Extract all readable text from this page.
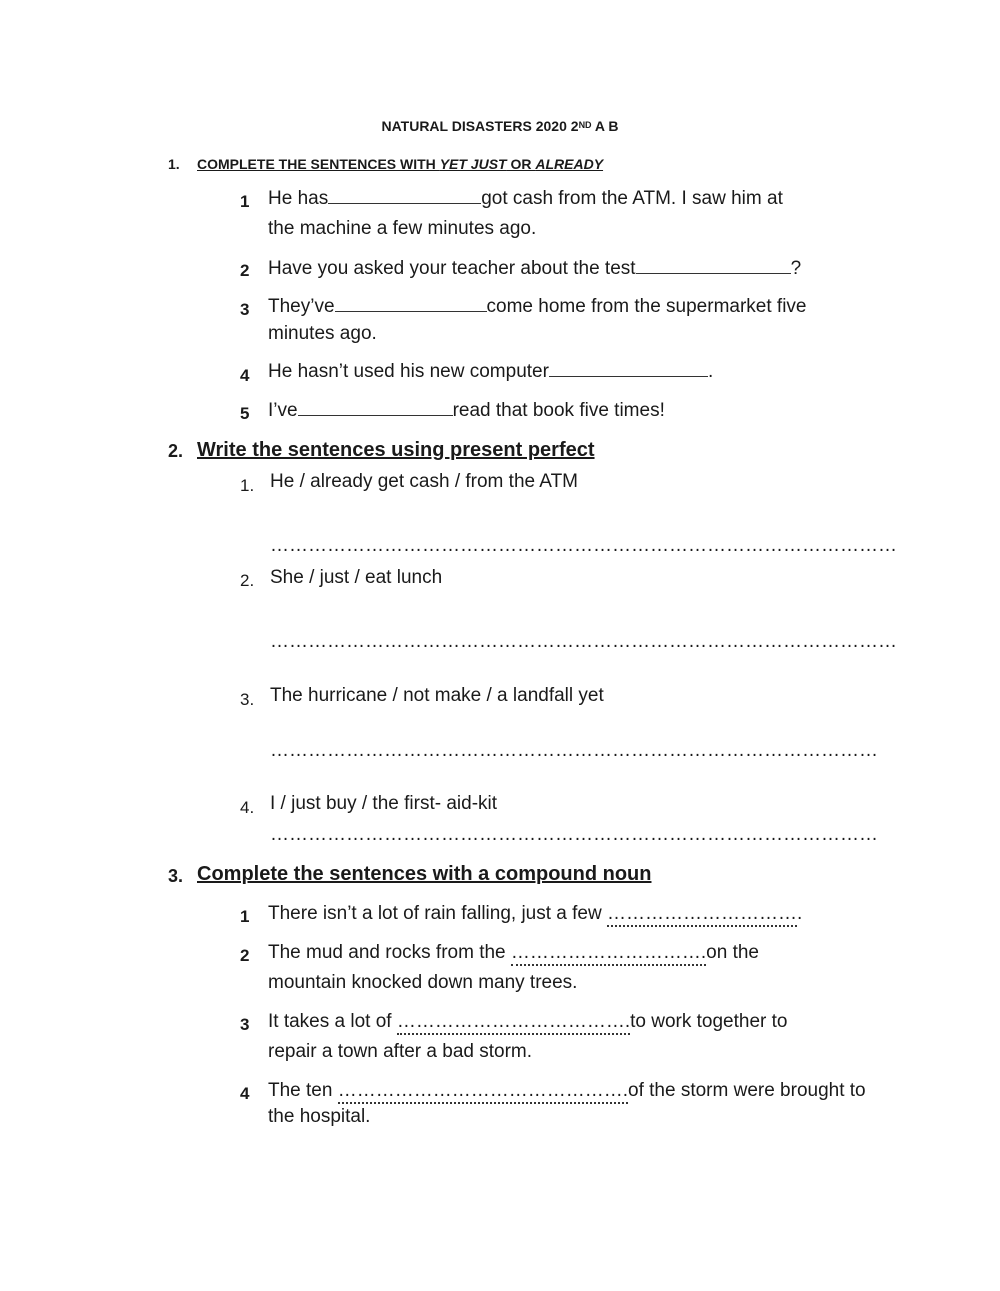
NATURAL DISASTERS 2020 2ND A B
1. COMPLETE THE SENTENCES WITH YET JUST OR ALREADY
1 He has	got cash from the ATM. I saw him at
the machine a few minutes ago.
2 Have you asked your teacher about the test	?
3 They’ve	come home from the supermarket five
minutes ago.
4 He hasn’t used his new computer	.
5 I’ve	read that book five times!
2. Write the sentences using present perfect
1. He / already get cash / from the ATM
………………………………………………………………………………………
2. She / just / eat lunch
………………………………………………………………………………………
3. The hurricane / not make / a landfall yet
……………………………………………………………………………………
4. I / just buy / the first- aid-kit
……………………………………………………………………………………
3. Complete the sentences with a compound noun
1 There isn’t a lot of rain falling, just a few ………………………….
2 The mud and rocks from the ………………………….on the
mountain knocked down many trees.
3 It takes a lot of ……………………………….to work together to
repair a town after a bad storm.
4 The ten ……………………………………….of the storm were brought to
the hospital.
